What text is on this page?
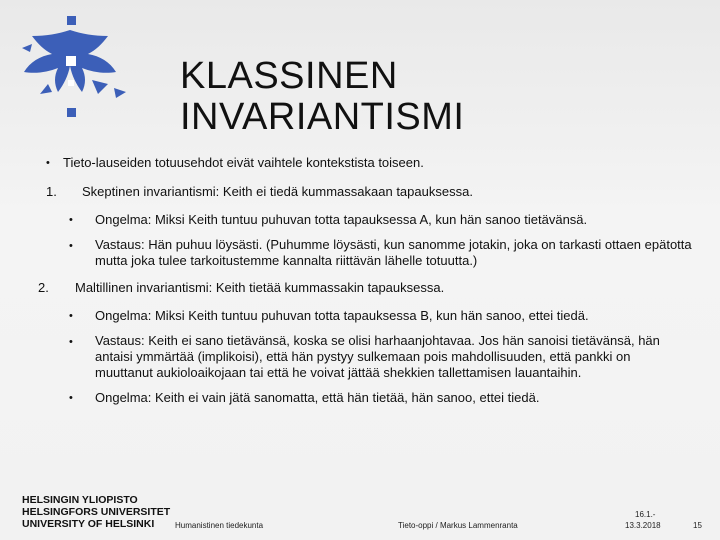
KLASSINEN
INVARIANTISMI
• Tieto-lauseiden totuusehdot eivät vaihtele kontekstista toiseen.
1. Skeptinen invariantismi: Keith ei tiedä kummassakaan tapauksessa.
• Ongelma: Miksi Keith tuntuu puhuvan totta tapauksessa A, kun hän sanoo tietävänsä.
• Vastaus: Hän puhuu löysästi. (Puhumme löysästi, kun sanomme jotakin, joka on tarkasti ottaen epätotta mutta joka tulee tarkoitustemme kannalta riittävän lähelle totuutta.)
2. Maltillinen invariantismi: Keith tietää kummassakin tapauksessa.
• Ongelma: Miksi Keith tuntuu puhuvan totta tapauksessa B, kun hän sanoo, ettei tiedä.
• Vastaus: Keith ei sano tietävänsä, koska se olisi harhaanjohtavaa. Jos hän sanoisi tietävänsä, hän antaisi ymmärtää (implikoisi), että hän pystyy sulkemaan pois mahdollisuuden, että pankki on muuttanut aukioloaikojaan tai että he voivat jättää shekkien tallettamisen lauantaihin.
• Ongelma: Keith ei vain jätä sanomatta, että hän tietää, hän sanoo, ettei tiedä.
HELSINGIN YLIOPISTO
HELSINGFORS UNIVERSITET
UNIVERSITY OF HELSINKI	Humanistinen tiedekunta	Tieto-oppi / Markus Lammenranta
16.1.-
13.3.2018	15
